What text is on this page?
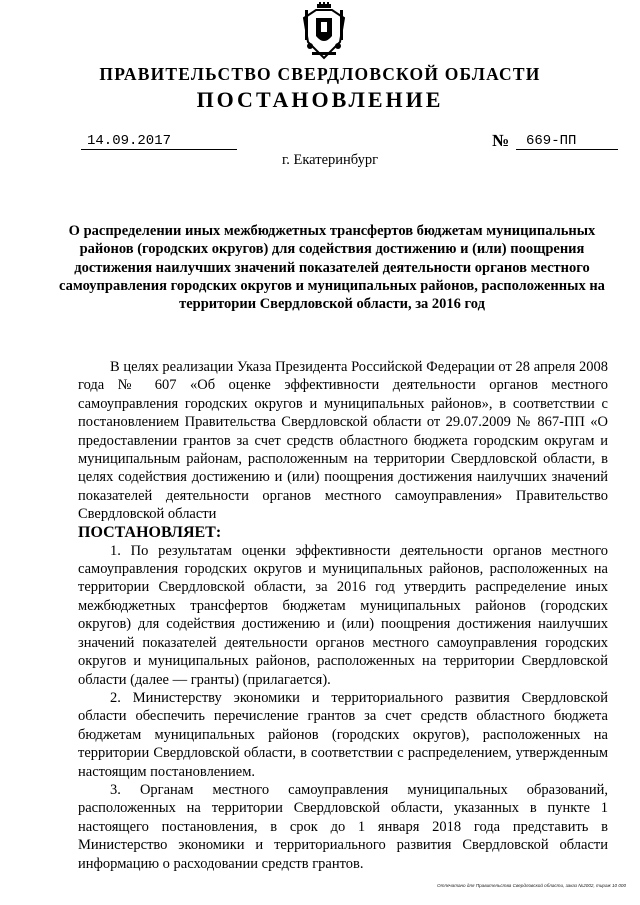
ПРАВИТЕЛЬСТВО СВЕРДЛОВСКОЙ ОБЛАСТИ
ПОСТАНОВЛЕНИЕ
14.09.2017	№	669-ПП
г. Екатеринбург
О распределении иных межбюджетных трансфертов бюджетам муниципальных районов (городских округов) для содействия достижению и (или) поощрения достижения наилучших значений показателей деятельности органов местного самоуправления городских округов и муниципальных районов, расположенных на территории Свердловской области, за 2016 год

В целях реализации Указа Президента Российской Федерации от 28 апреля 2008 года № 607 «Об оценке эффективности деятельности органов местного самоуправления городских округов и муниципальных районов», в соответствии с постановлением Правительства Свердловской области от 29.07.2009 № 867-ПП «О предоставлении грантов за счет средств областного бюджета городским округам и муниципальным районам, расположенным на территории Свердловской области, в целях содействия достижению и (или) поощрения достижения наилучших значений показателей деятельности органов местного самоуправления» Правительство Свердловской области

ПОСТАНОВЛЯЕТ:

1. По результатам оценки эффективности деятельности органов местного самоуправления городских округов и муниципальных районов, расположенных на территории Свердловской области, за 2016 год утвердить распределение иных межбюджетных трансфертов бюджетам муниципальных районов (городских округов) для содействия достижению и (или) поощрения достижения наилучших значений показателей деятельности органов местного самоуправления городских округов и муниципальных районов, расположенных на территории Свердловской области (далее — гранты) (прилагается).

2. Министерству экономики и территориального развития Свердловской области обеспечить перечисление грантов за счет средств областного бюджета бюджетам муниципальных районов (городских округов), расположенных на территории Свердловской области, в соответствии с распределением, утвержденным настоящим постановлением.

3. Органам местного самоуправления муниципальных образований, расположенных на территории Свердловской области, указанных в пункте 1 настоящего постановления, в срок до 1 января 2018 года представить в Министерство экономики и территориального развития Свердловской области информацию о расходовании средств грантов.

Отпечатано для Правительства Свердловской области, заказ №2002, тираж 10 000
